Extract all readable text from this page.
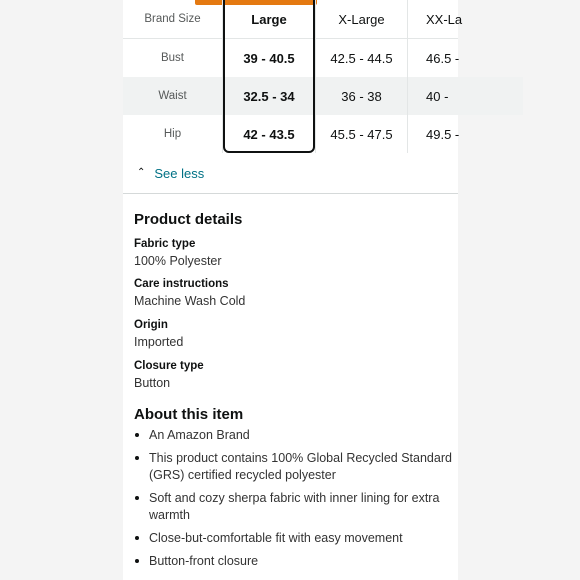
Brand Size	Large	X-Large	XX-La
Bust	39 - 40.5	42.5 - 44.5	46.5 -
Waist	32.5 - 34	36 - 38	40 -
Hip	42 - 43.5	45.5 - 47.5	49.5 -
⌃ See less
Product details
Fabric type
100% Polyester
Care instructions
Machine Wash Cold
Origin
Imported
Closure type
Button
About this item
An Amazon Brand
This product contains 100% Global Recycled Standard
(GRS) certified recycled polyester
Soft and cozy sherpa fabric with inner lining for extra
warmth
Close-but-comfortable fit with easy movement
Button-front closure
